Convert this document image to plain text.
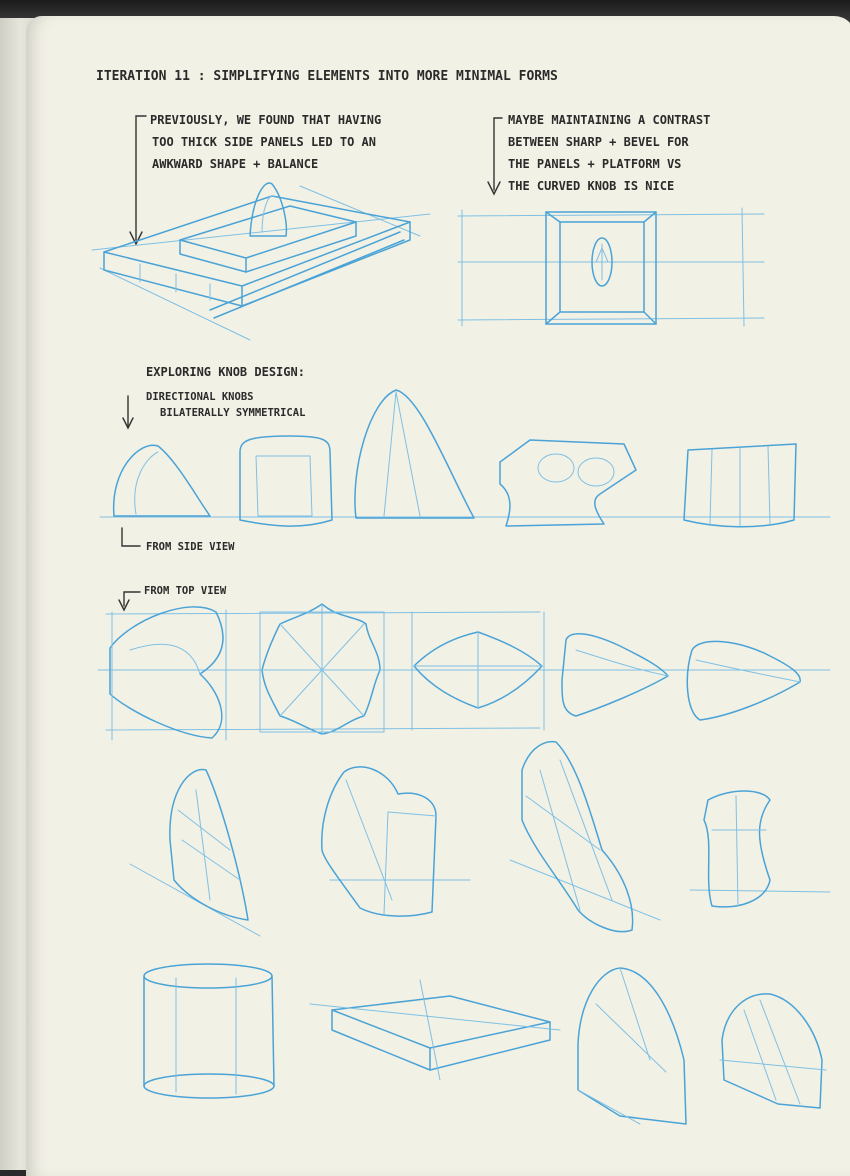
ITERATION 11 : SIMPLIFYING ELEMENTS INTO MORE MINIMAL FORMS
PREVIOUSLY, WE FOUND THAT HAVING
TOO THICK SIDE PANELS LED TO AN
AWKWARD SHAPE + BALANCE
MAYBE MAINTAINING A CONTRAST
BETWEEN SHARP + BEVEL FOR
THE PANELS + PLATFORM VS
THE CURVED KNOB IS NICE
EXPLORING KNOB DESIGN:
DIRECTIONAL KNOBS
BILATERALLY SYMMETRICAL
FROM SIDE VIEW
FROM TOP VIEW
